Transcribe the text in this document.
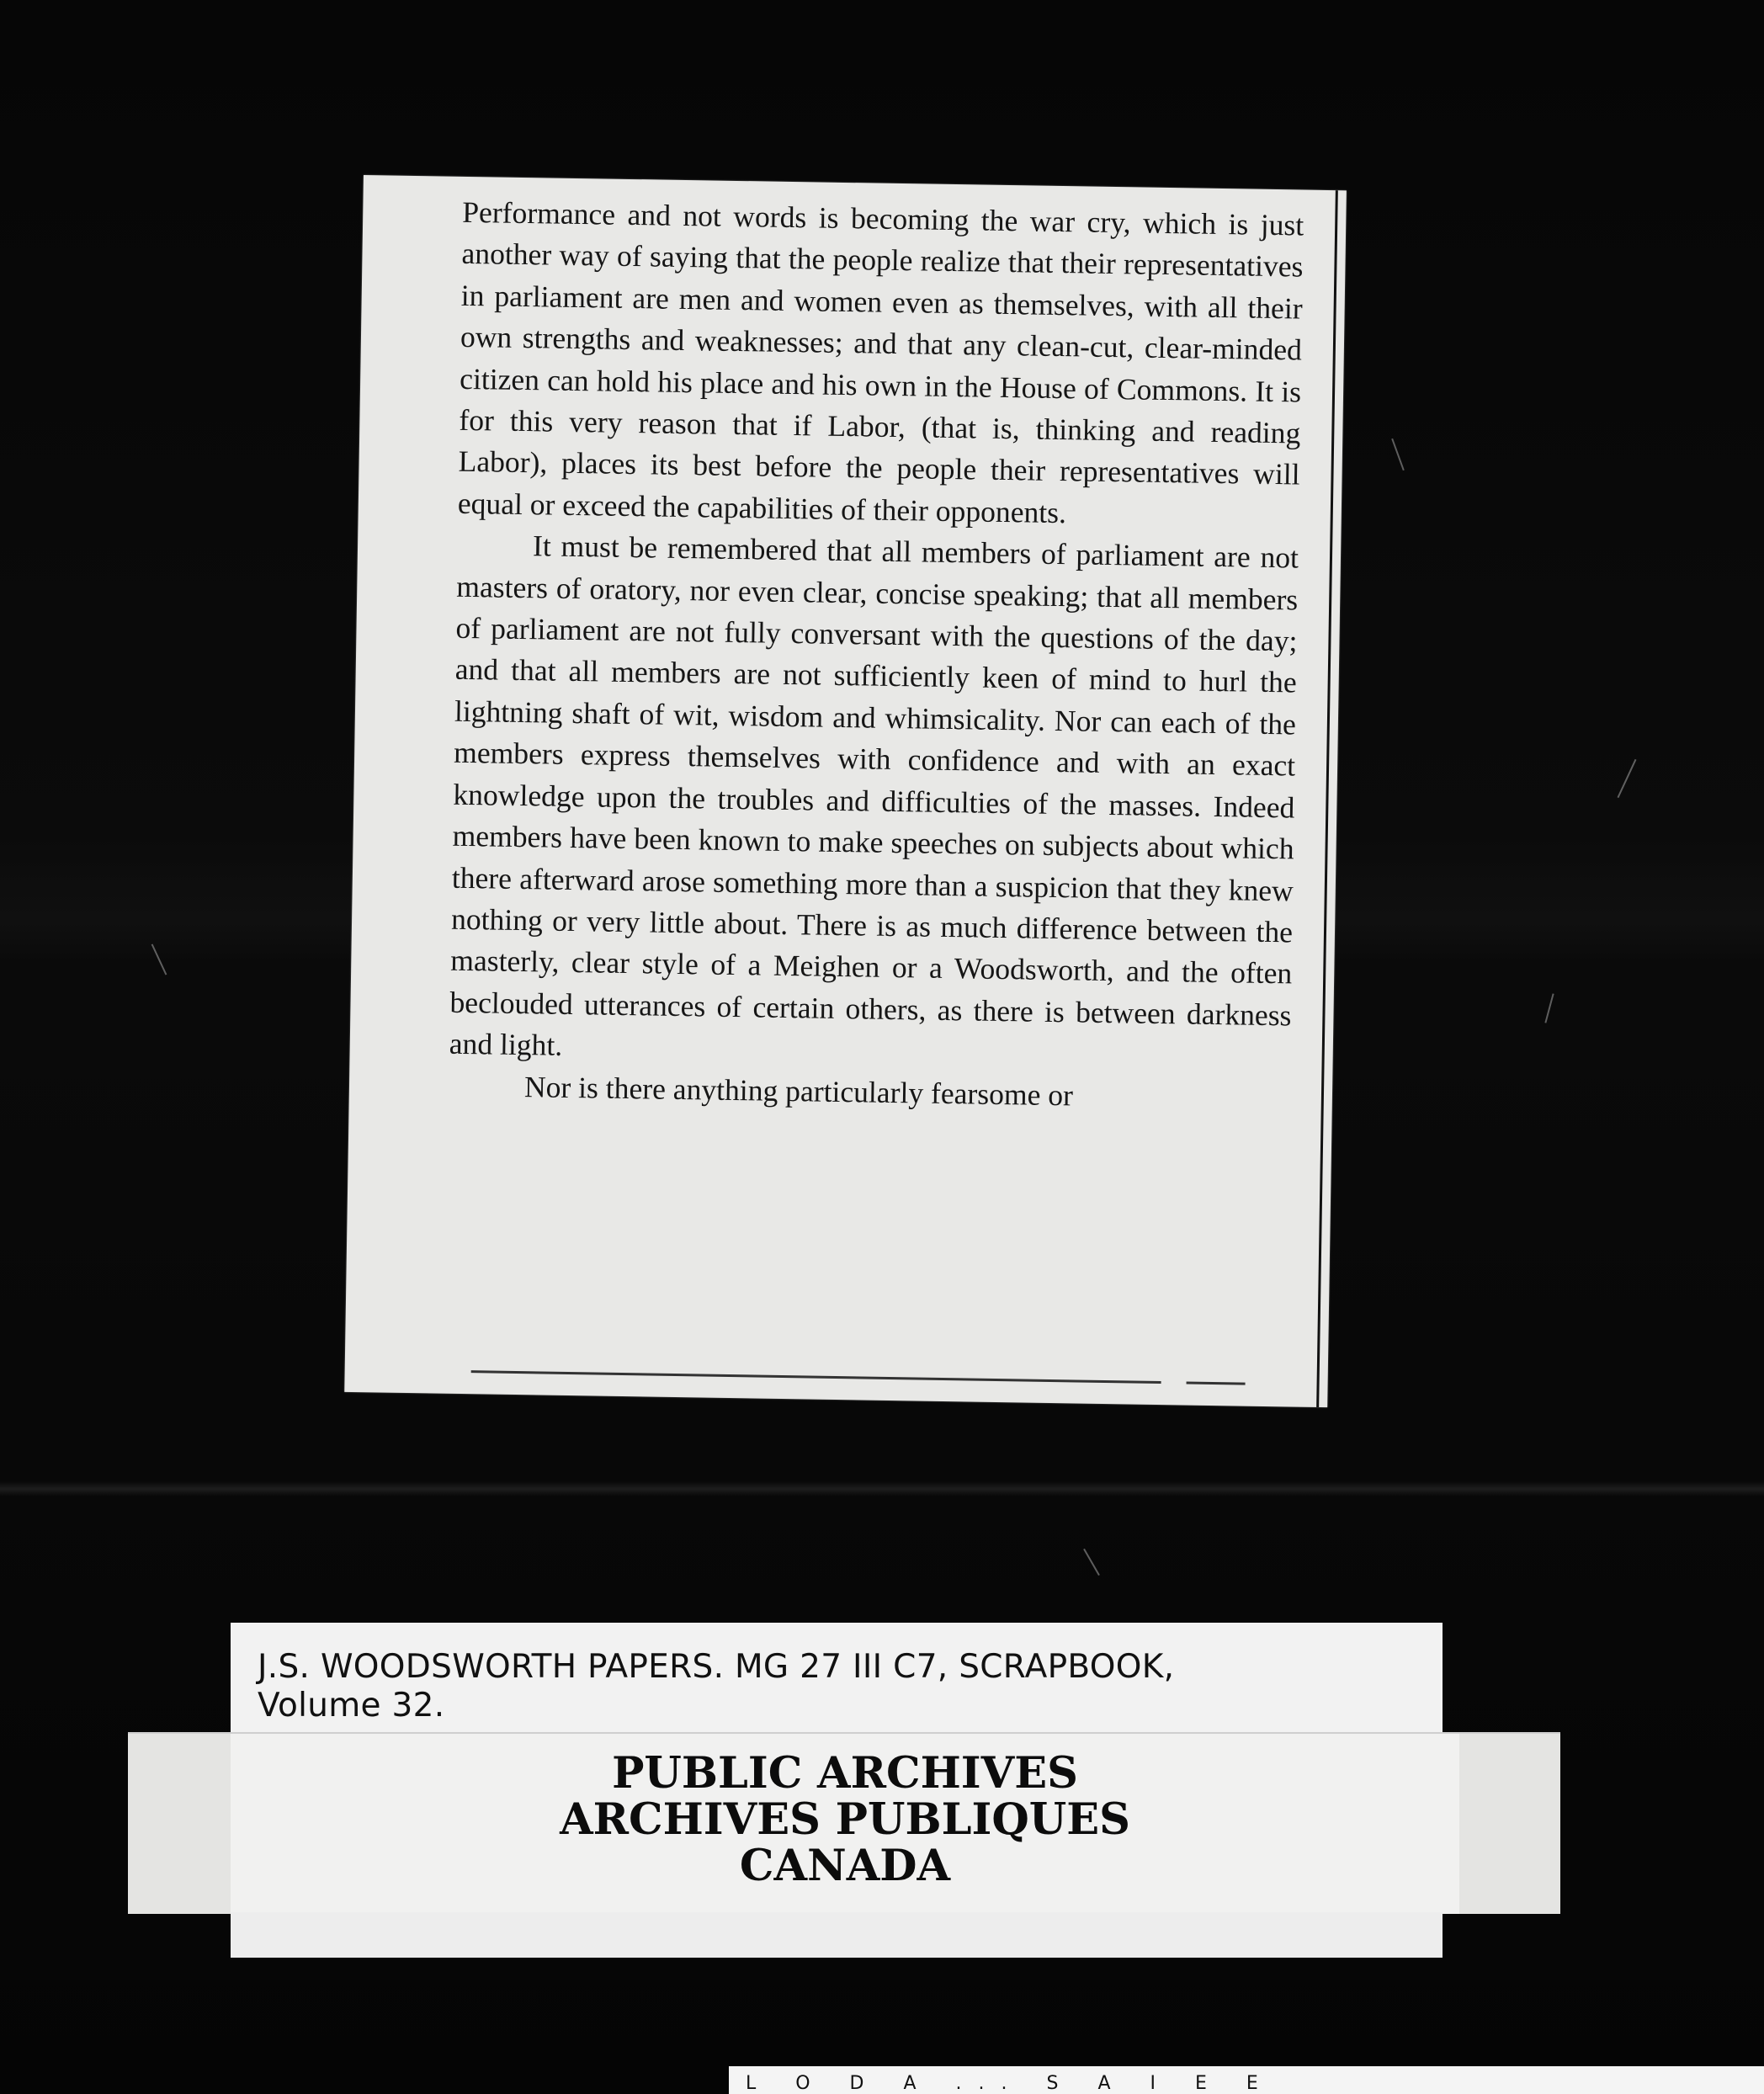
Performance and not words is becoming the war cry, which is just another way of saying that the people realize that their representatives in parliament are men and women even as themselves, with all their own strengths and weaknesses; and that any clean-cut, clear-minded citizen can hold his place and his own in the House of Commons. It is for this very reason that if Labor, (that is, thinking and reading Labor), places its best before the people their representatives will equal or exceed the capabilities of their opponents.

It must be remembered that all members of parliament are not masters of oratory, nor even clear, concise speaking; that all members of parliament are not fully conversant with the questions of the day; and that all members are not sufficiently keen of mind to hurl the lightning shaft of wit, wisdom and whimsicality. Nor can each of the members express themselves with confidence and with an exact knowledge upon the troubles and difficulties of the masses. Indeed members have been known to make speeches on subjects about which there afterward arose something more than a suspicion that they knew nothing or very little about. There is as much difference between the masterly, clear style of a Meighen or a Woodsworth, and the often beclouded utterances of certain others, as there is between darkness and light.

Nor is there anything particularly fearsome or

J.S. WOODSWORTH PAPERS. MG 27 III C7, SCRAPBOOK,
Volume 32.
PUBLIC ARCHIVES
ARCHIVES PUBLIQUES
CANADA
L O D A ... S A I E E
